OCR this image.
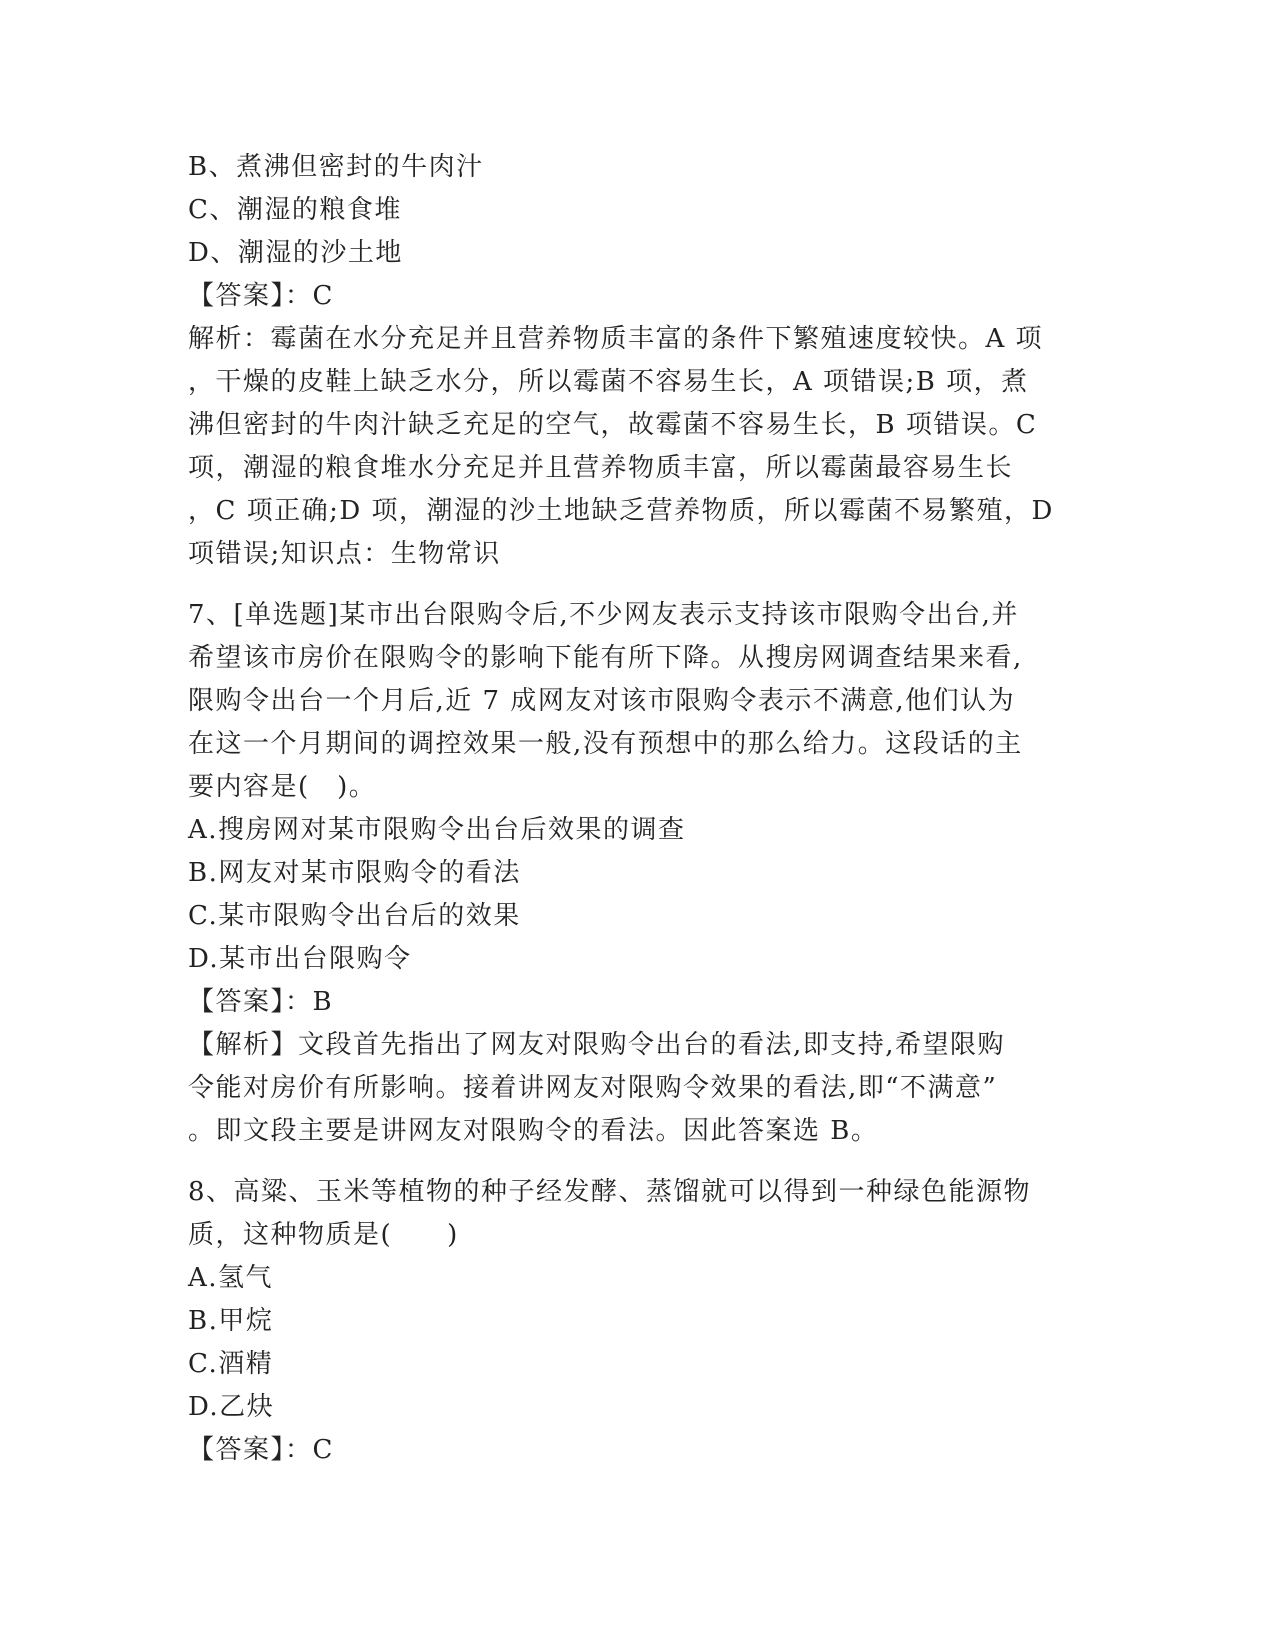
B、煮沸但密封的牛肉汁
C、潮湿的粮食堆
D、潮湿的沙土地
【答案】：C
解析：霉菌在水分充足并且营养物质丰富的条件下繁殖速度较快。A 项
，干燥的皮鞋上缺乏水分，所以霉菌不容易生长，A 项错误;B 项，煮
沸但密封的牛肉汁缺乏充足的空气，故霉菌不容易生长，B 项错误。C
项，潮湿的粮食堆水分充足并且营养物质丰富，所以霉菌最容易生长
，C 项正确;D 项，潮湿的沙土地缺乏营养物质，所以霉菌不易繁殖，D
项错误;知识点：生物常识
7、[单选题]某市出台限购令后,不少网友表示支持该市限购令出台,并
希望该市房价在限购令的影响下能有所下降。从搜房网调查结果来看,
限购令出台一个月后,近 7 成网友对该市限购令表示不满意,他们认为
在这一个月期间的调控效果一般,没有预想中的那么给力。这段话的主
要内容是(　)。
A.搜房网对某市限购令出台后效果的调查
B.网友对某市限购令的看法
C.某市限购令出台后的效果
D.某市出台限购令
【答案】：B
【解析】文段首先指出了网友对限购令出台的看法,即支持,希望限购
令能对房价有所影响。接着讲网友对限购令效果的看法,即“不满意”
。即文段主要是讲网友对限购令的看法。因此答案选 B。
8、高粱、玉米等植物的种子经发酵、蒸馏就可以得到一种绿色能源物
质，这种物质是(　　)
A.氢气
B.甲烷
C.酒精
D.乙炔
【答案】：C
